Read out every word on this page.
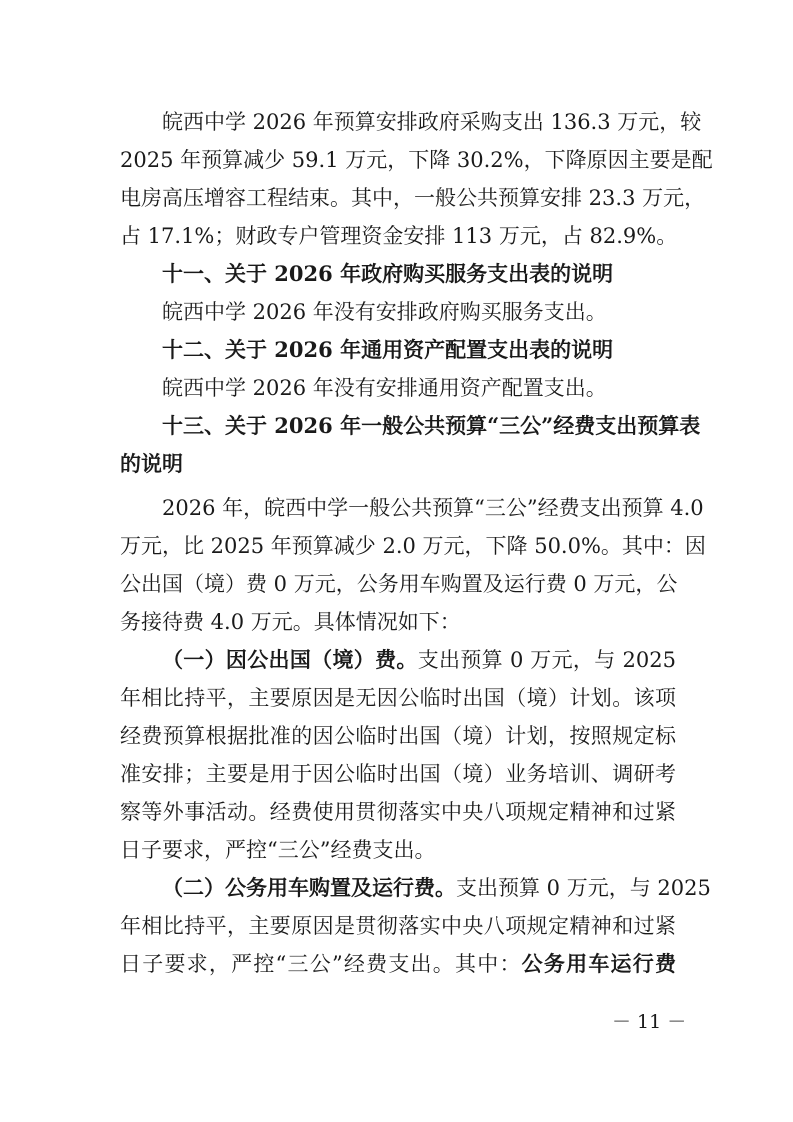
皖西中学 2026 年预算安排政府采购支出 136.3 万元，较
2025 年预算减少 59.1 万元，下降 30.2%，下降原因主要是配
电房高压增容工程结束。其中，一般公共预算安排 23.3 万元，
占 17.1%；财政专户管理资金安排 113 万元，占 82.9%。
十一、关于 2026 年政府购买服务支出表的说明
皖西中学 2026 年没有安排政府购买服务支出。
十二、关于 2026 年通用资产配置支出表的说明
皖西中学 2026 年没有安排通用资产配置支出。
十三、关于 2026 年一般公共预算“三公”经费支出预算表
的说明
2026 年，皖西中学一般公共预算“三公”经费支出预算 4.0
万元，比 2025 年预算减少 2.0 万元，下降 50.0%。其中：因
公出国（境）费 0 万元，公务用车购置及运行费 0 万元，公
务接待费 4.0 万元。具体情况如下：
（一）因公出国（境）费。支出预算 0 万元，与 2025
年相比持平，主要原因是无因公临时出国（境）计划。该项
经费预算根据批准的因公临时出国（境）计划，按照规定标
准安排；主要是用于因公临时出国（境）业务培训、调研考
察等外事活动。经费使用贯彻落实中央八项规定精神和过紧
日子要求，严控“三公”经费支出。
（二）公务用车购置及运行费。支出预算 0 万元，与 2025
年相比持平，主要原因是贯彻落实中央八项规定精神和过紧
日子要求，严控“三公”经费支出。其中：公务用车运行费
－ 11 －
